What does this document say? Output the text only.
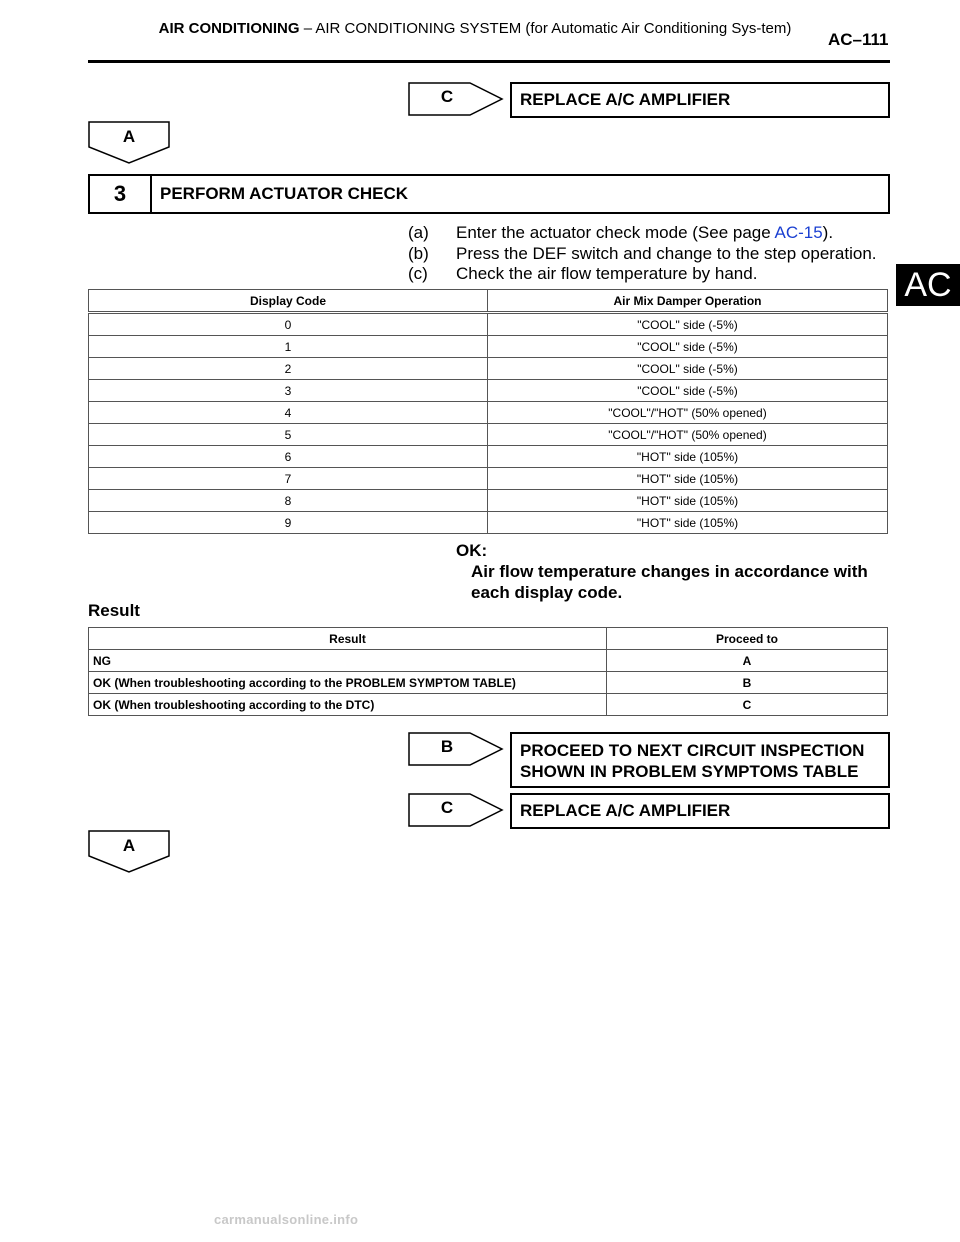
AIR CONDITIONING – AIR CONDITIONING SYSTEM (for Automatic Air Conditioning Sys-tem)
AC–111
AC
C	REPLACE A/C AMPLIFIER
A
3	PERFORM ACTUATOR CHECK
(a) Enter the actuator check mode (See page AC-15).
(b) Press the DEF switch and change to the step operation.
(c) Check the air flow temperature by hand.
Display Code	Air Mix Damper Operation

0	"COOL" side (-5%)
1	"COOL" side (-5%)
2	"COOL" side (-5%)
3	"COOL" side (-5%)
4	"COOL"/"HOT" (50% opened)
5	"COOL"/"HOT" (50% opened)
6	"HOT" side (105%)
7	"HOT" side (105%)
8	"HOT" side (105%)
9	"HOT" side (105%)
OK:
Air flow temperature changes in accordance with
each display code.
Result
Result	Proceed to
NG	A
OK (When troubleshooting according to the PROBLEM SYMPTOM TABLE)	B
OK (When troubleshooting according to the DTC)	C
B	PROCEED TO NEXT CIRCUIT INSPECTION
SHOWN IN PROBLEM SYMPTOMS TABLE
C	REPLACE A/C AMPLIFIER
A
carmanualsonline.info
